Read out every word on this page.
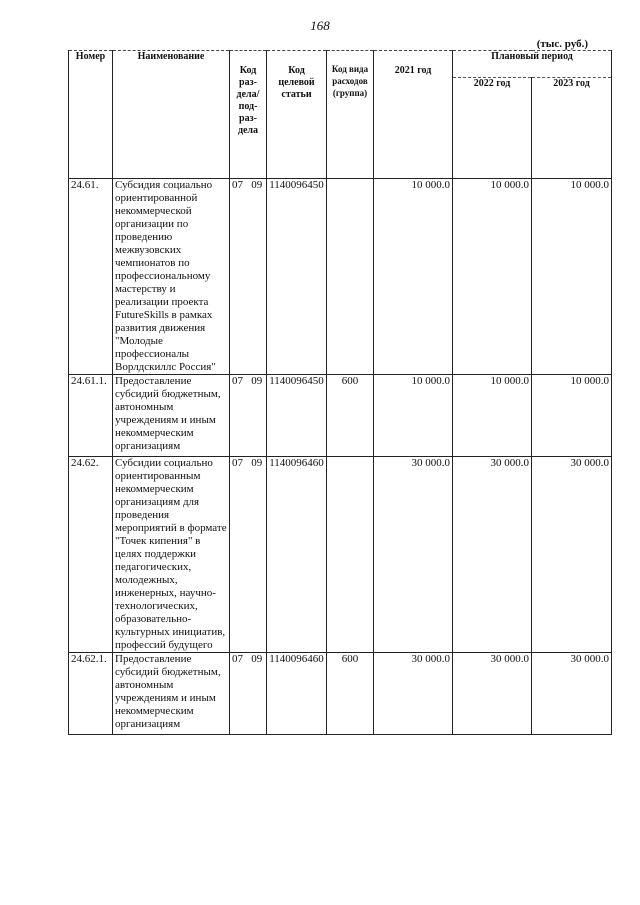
168
(тыс. руб.)
Номер	Наименование	Код раз-дела/ под-раз-дела	Код целевой статьи	Код вида расходов (группа)	2021 год	Плановый период	
						2022 год	2023 год
24.61.	Субсидия социально ориентированной некоммерческой организации по проведению межвузовских чемпионатов по профессиональному мастерству и реализации проекта FutureSkills в рамках развития движения "Молодые профессионалы Ворлдскиллс Россия"	07 09	1140096450		10 000.0	10 000.0	10 000.0
24.61.1.	Предоставление субсидий бюджетным, автономным учреждениям и иным некоммерческим организациям	07 09	1140096450	600	10 000.0	10 000.0	10 000.0
24.62.	Субсидии социально ориентированным некоммерческим организациям для проведения мероприятий в формате "Точек кипения" в целях поддержки педагогических, молодежных, инженерных, научно-технологических, образовательно-культурных инициатив, профессий будущего	07 09	1140096460		30 000.0	30 000.0	30 000.0
24.62.1.	Предоставление субсидий бюджетным, автономным учреждениям и иным некоммерческим организациям	07 09	1140096460	600	30 000.0	30 000.0	30 000.0
